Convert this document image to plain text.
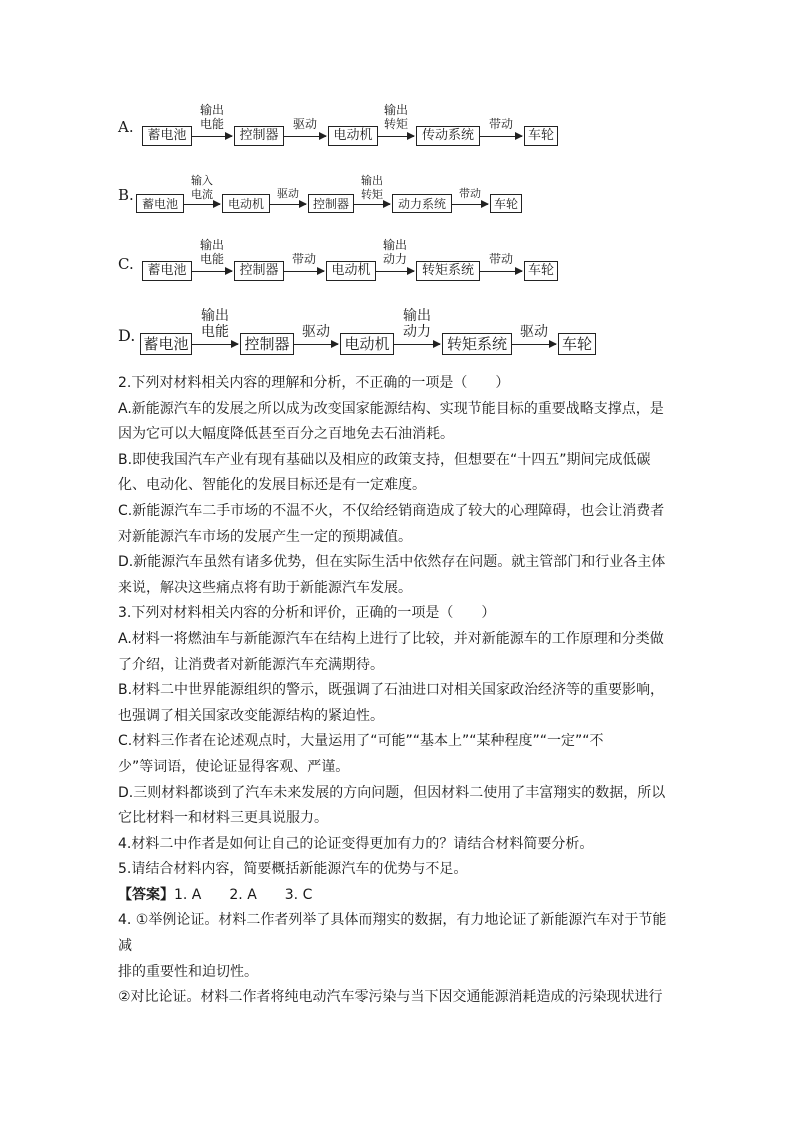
A.	蓄电池
输出
电能
控制器
驱动
电动机
输出
转矩
传动系统
带动
车轮
B. 蓄电池
输入
电流
电动机
驱动
控制器
输出
转矩
动力系统
带动
车轮
C.	蓄电池
输出
电能
控制器
带动
电动机
输出
动力
转矩系统
带动
车轮
D. 蓄电池
输出
电能
控制器
驱动
电动机
输出
动力
转矩系统
驱动
车轮

2.下列对材料相关内容的理解和分析，不正确的一项是（　　）

A.新能源汽车的发展之所以成为改变国家能源结构、实现节能目标的重要战略支撑点，是

因为它可以大幅度降低甚至百分之百地免去石油消耗。

B.即使我国汽车产业有现有基础以及相应的政策支持，但想要在“十四五”期间完成低碳

化、电动化、智能化的发展目标还是有一定难度。

C.新能源汽车二手市场的不温不火，不仅给经销商造成了较大的心理障碍，也会让消费者

对新能源汽车市场的发展产生一定的预期减值。

D.新能源汽车虽然有诸多优势，但在实际生活中依然存在问题。就主管部门和行业各主体

来说，解决这些痛点将有助于新能源汽车发展。

3.下列对材料相关内容的分析和评价，正确的一项是（　　）

A.材料一将燃油车与新能源汽车在结构上进行了比较，并对新能源车的工作原理和分类做

了介绍，让消费者对新能源汽车充满期待。

B.材料二中世界能源组织的警示，既强调了石油进口对相关国家政治经济等的重要影响，

也强调了相关国家改变能源结构的紧迫性。

C.材料三作者在论述观点时，大量运用了“可能”“基本上”“某种程度”“一定”“不

少”等词语，使论证显得客观、严谨。

D.三则材料都谈到了汽车未来发展的方向问题，但因材料二使用了丰富翔实的数据，所以

它比材料一和材料三更具说服力。

4.材料二中作者是如何让自己的论证变得更加有力的？请结合材料简要分析。

5.请结合材料内容，简要概括新能源汽车的优势与不足。

【答案】1. A　　2. A　　3. C

4. ①举例论证。材料二作者列举了具体而翔实的数据，有力地论证了新能源汽车对于节能减

排的重要性和迫切性。

②对比论证。材料二作者将纯电动汽车零污染与当下因交通能源消耗造成的污染现状进行
